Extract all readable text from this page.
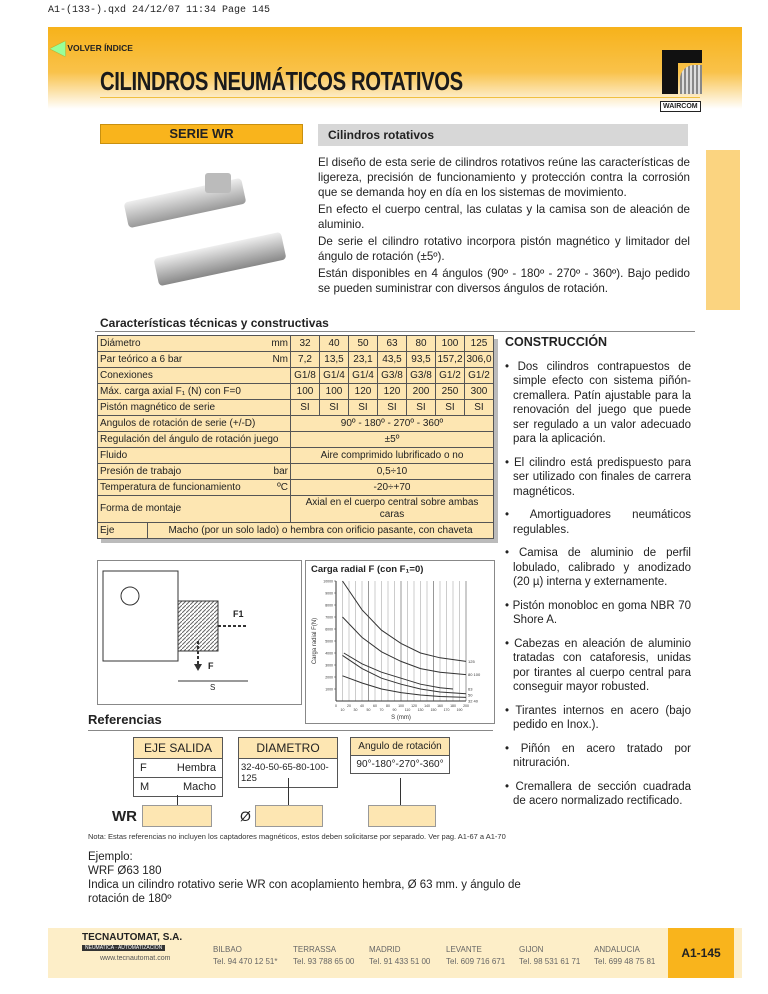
A1-(133-).qxd 24/12/07 11:34 Page 145
◀ VOLVER ÍNDICE
CILINDROS NEUMÁTICOS ROTATIVOS
WAIRCOM
SERIE WR	Cilindros rotativos

El diseño de esta serie de cilindros rotativos reúne las características de ligereza, precisión de funcionamiento y protección contra la corrosión que se demanda hoy en día en los sistemas de movimiento.

En efecto el cuerpo central, las culatas y la camisa son de aleación de aluminio.

De serie el cilindro rotativo incorpora pistón magnético y limitador del ángulo de rotación (±5º).

Están disponibles en 4 ángulos (90º - 180º - 270º - 360º). Bajo pedido se pueden suministrar con diversos ángulos de rotación.

Características técnicas y constructivas
Diámetro mm		32	40	50	63	80	100	125
Par teórico a 6 bar Nm		7,2	13,5	23,1	43,5	93,5	157,2	306,0
Conexiones		G1/8	G1/4	G1/4	G3/8	G3/8	G1/2	G1/2
Máx. carga axial F₁ (N) con F=0		100	100	120	120	200	250	300
Pistón magnético de serie		SI	SI	SI	SI	SI	SI	SI
Angulos de rotación de serie (+/-D)		90º - 180º - 270º - 360º						
Regulación del ángulo de rotación juego		±5º						
Fluido		Aire comprimido lubrificado o no						
Presión de trabajo bar		0,5÷10						
Temperatura de funcionamiento ºC		-20÷+70						
Forma de montaje		Axial en el cuerpo central sobre ambas caras						
Eje	Macho (por un solo lado) o hembra con orificio pasante, con chaveta							
CONSTRUCCIÓN
• Dos cilindros contrapuestos de simple efecto con sistema piñón-cremallera. Patín ajustable para la renovación del juego que puede ser regulado a un valor adecuado para la aplicación.
• El cilindro está predispuesto para ser utilizado con finales de carrera magnéticos.
• Amortiguadores neumáticos regulables.
• Camisa de aluminio de perfil lobulado, calibrado y anodizado (20 µ) interna y externamente.
• Pistón monobloc en goma NBR 70 Shore A.
• Cabezas en aleación de aluminio tratadas con cataforesis, unidas por tirantes al cuerpo central para conseguir mayor robusted.
• Tirantes internos en acero (bajo pedido en Inox.).
• Piñón en acero tratado por nitruración.
• Cremallera de sección cuadrada de acero normalizado rectificado.
F1
F
S
Carga radial F (con F₁=0)
0
10
20
30
40
50
60
70
80
90
100
110
120
130
140
150
160
170
180
190
200
1000
2000
3000
4000
5000
6000
7000
8000
9000
10000
125
80 100
63
50
32 40
S (mm)
Carga radial F(N)
Referencias
EJE SALIDA
F	Hembra
M	Macho
DIAMETRO
32-40-50-65-80-100-125
Angulo de rotación
90°-180°-270°-360°
WR	Ø
Nota: Estas referencias no incluyen los captadores magnéticos, estos deben solicitarse por separado. Ver pag. A1-67 a A1-70
Ejemplo:
WRF Ø63 180
Indica un cilindro rotativo serie WR con acoplamiento hembra, Ø 63 mm. y ángulo de rotación de 180º
TECNAUTOMAT, S.A.
NEUMATICA · AUTOMATIZACION
www.tecnautomat.com
BILBAO
Tel. 94 470 12 51*
TERRASSA
Tel. 93 788 65 00
MADRID
Tel. 91 433 51 00
LEVANTE
Tel. 609 716 671
GIJON
Tel. 98 531 61 71
ANDALUCIA
Tel. 699 48 75 81
A1-145
